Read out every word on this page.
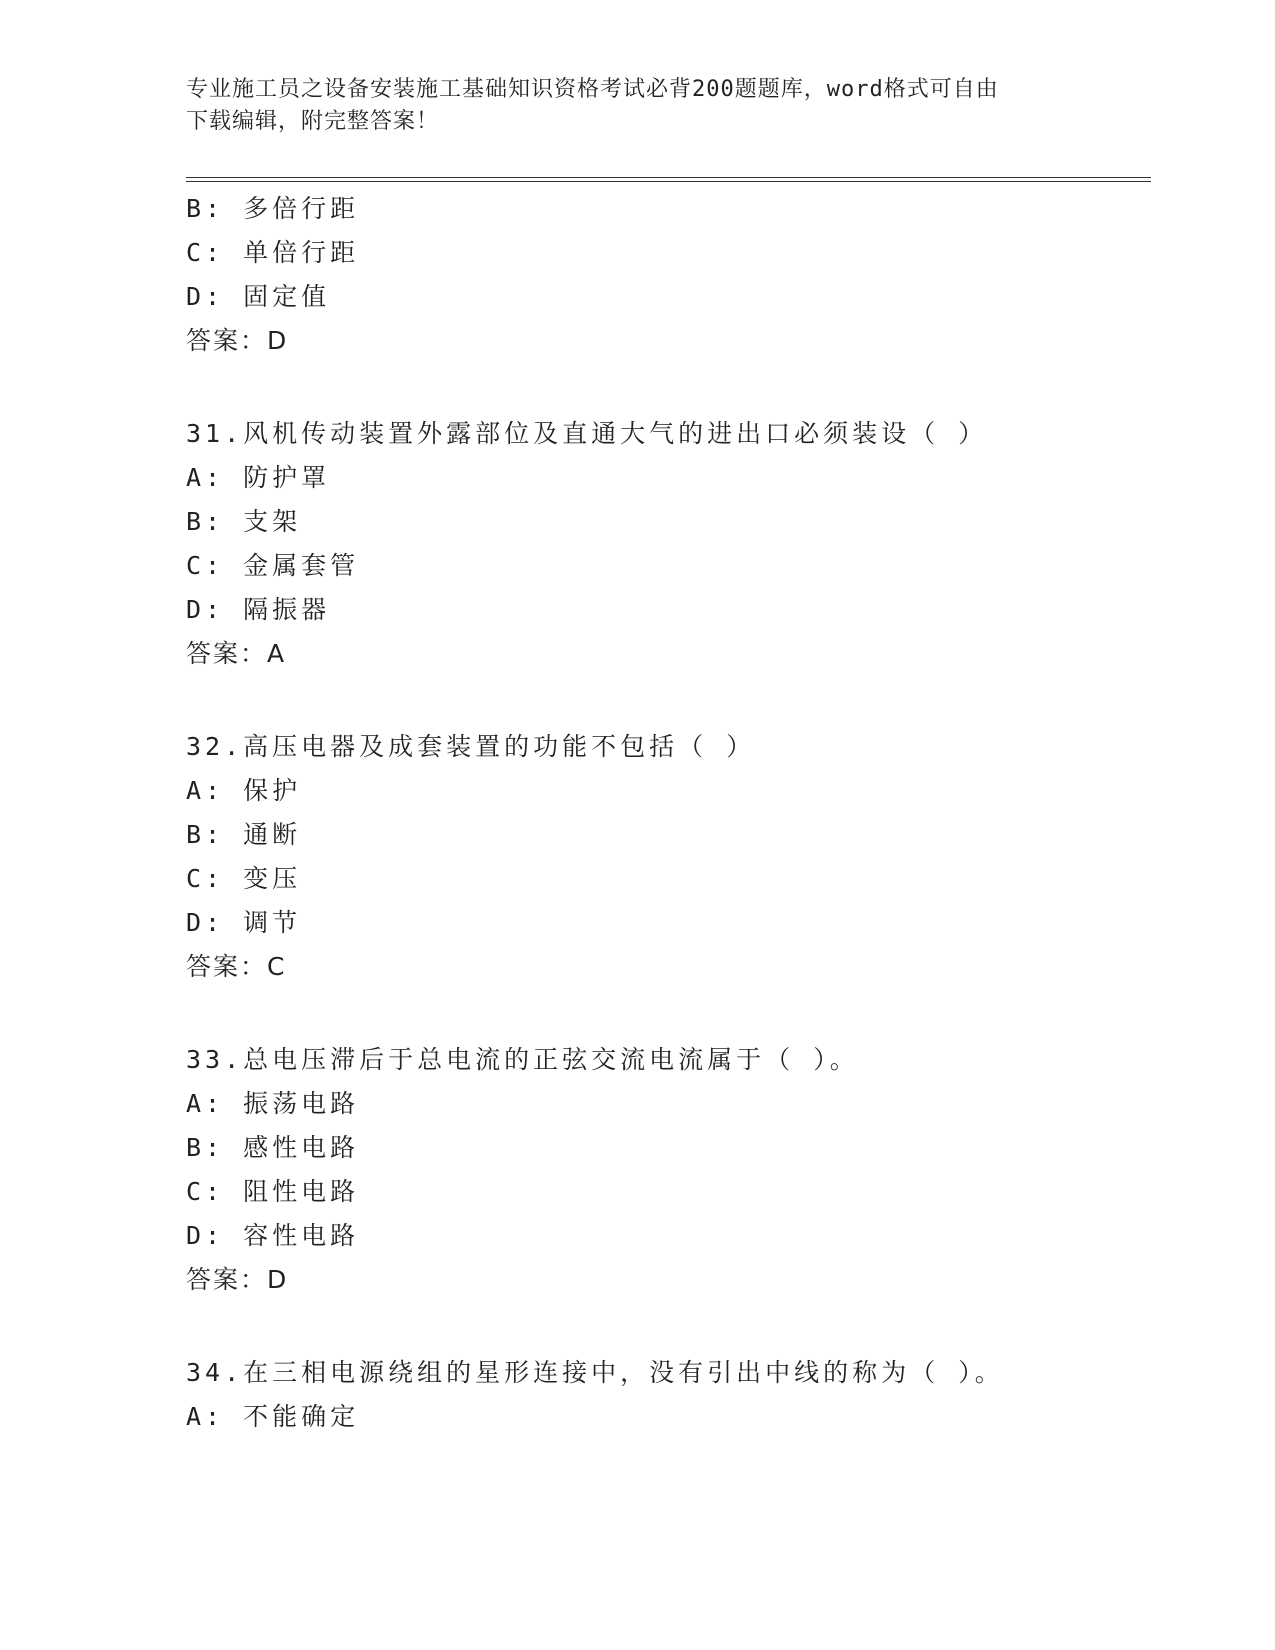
专业施工员之设备安装施工基础知识资格考试必背200题题库，word格式可自由
下载编辑，附完整答案！
B: 多倍行距
C: 单倍行距
D: 固定值
答案：D
31.风机传动装置外露部位及直通大气的进出口必须装设（ ）
A: 防护罩
B: 支架
C: 金属套管
D: 隔振器
答案：A
32.高压电器及成套装置的功能不包括（ ）
A: 保护
B: 通断
C: 变压
D: 调节
答案：C
33.总电压滞后于总电流的正弦交流电流属于（ ）。
A: 振荡电路
B: 感性电路
C: 阻性电路
D: 容性电路
答案：D
34.在三相电源绕组的星形连接中，没有引出中线的称为（ ）。
A: 不能确定
